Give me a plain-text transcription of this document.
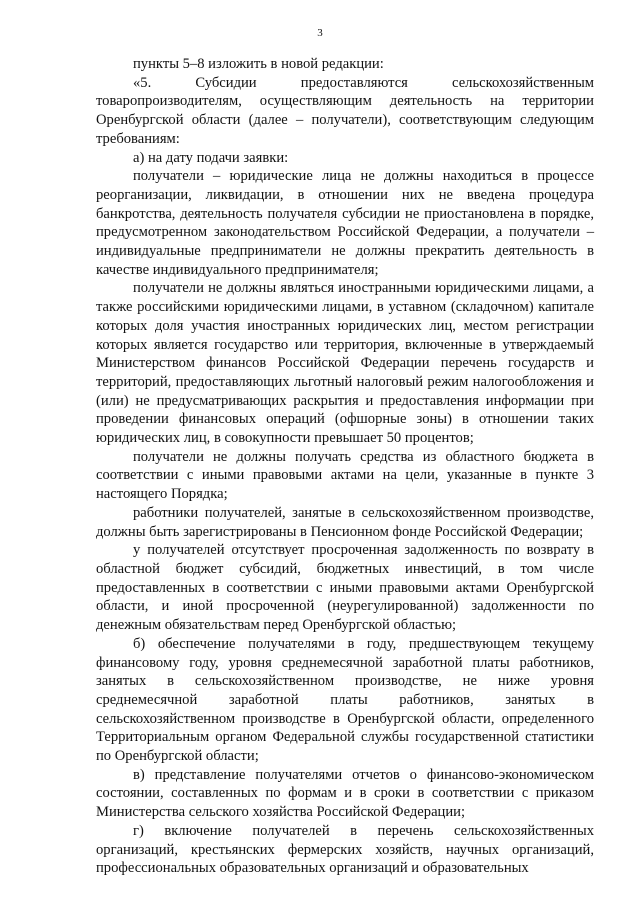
3

пункты 5–8 изложить в новой редакции:

«5. Субсидии предоставляются сельскохозяйственным товаропроизводителям, осуществляющим деятельность на территории Оренбургской области (далее – получатели), соответствующим следующим требованиям:

а) на дату подачи заявки:

получатели – юридические лица не должны находиться в процессе реорганизации, ликвидации, в отношении них не введена процедура банкротства, деятельность получателя субсидии не приостановлена в порядке, предусмотренном законодательством Российской Федерации, а получатели – индивидуальные предприниматели не должны прекратить деятельность в качестве индивидуального предпринимателя;

получатели не должны являться иностранными юридическими лицами, а также российскими юридическими лицами, в уставном (складочном) капитале которых доля участия иностранных юридических лиц, местом регистрации которых является государство или территория, включенные в утверждаемый Министерством финансов Российской Федерации перечень государств и территорий, предоставляющих льготный налоговый режим налогообложения и (или) не предусматривающих раскрытия и предоставления информации при проведении финансовых операций (офшорные зоны) в отношении таких юридических лиц, в совокупности превышает 50 процентов;

получатели не должны получать средства из областного бюджета в соответствии с иными правовыми актами на цели, указанные в пункте 3 настоящего Порядка;

работники получателей, занятые в сельскохозяйственном производстве, должны быть зарегистрированы в Пенсионном фонде Российской Федерации;

у получателей отсутствует просроченная задолженность по возврату в областной бюджет субсидий, бюджетных инвестиций, в том числе предоставленных в соответствии с иными правовыми актами Оренбургской области, и иной просроченной (неурегулированной) задолженности по денежным обязательствам перед Оренбургской областью;

б) обеспечение получателями в году, предшествующем текущему финансовому году, уровня среднемесячной заработной платы работников, занятых в сельскохозяйственном производстве, не ниже уровня среднемесячной заработной платы работников, занятых в сельскохозяйственном производстве в Оренбургской области, определенного Территориальным органом Федеральной службы государственной статистики по Оренбургской области;

в) представление получателями отчетов о финансово-экономическом состоянии, составленных по формам и в сроки в соответствии с приказом Министерства сельского хозяйства Российской Федерации;

г) включение получателей в перечень сельскохозяйственных организаций, крестьянских фермерских хозяйств, научных организаций, профессиональных образовательных организаций и образовательных
